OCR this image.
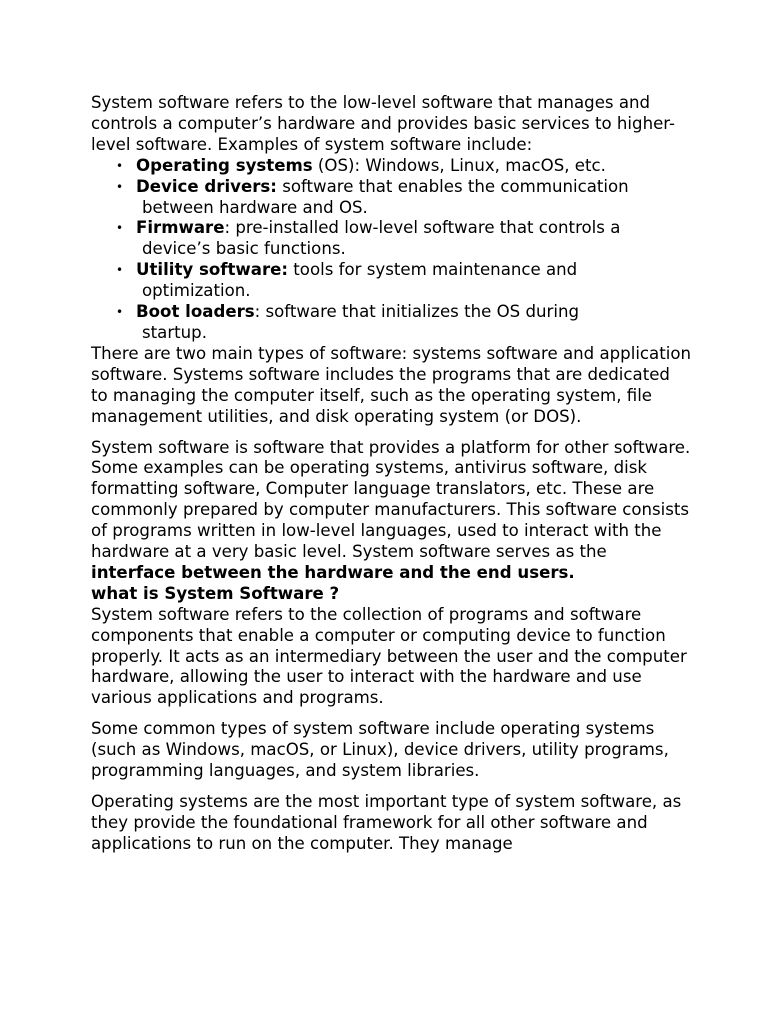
System software refers to the low-level software that manages and controls a computer’s hardware and provides basic services to higher-level software. Examples of system software include:

• Operating systems (OS): Windows, Linux, macOS, etc.
• Device drivers: software that enables the communication
between hardware and OS.
• Firmware: pre-installed low-level software that controls a
device’s basic functions.
• Utility software: tools for system maintenance and
optimization.
• Boot loaders: software that initializes the OS during
startup.

There are two main types of software: systems software and application software. Systems software includes the programs that are dedicated to managing the computer itself, such as the operating system, file management utilities, and disk operating system (or DOS).

System software is software that provides a platform for other software. Some examples can be operating systems, antivirus software, disk formatting software, Computer language translators, etc. These are commonly prepared by computer manufacturers. This software consists of programs written in low-level languages, used to interact with the hardware at a very basic level. System software serves as the interface between the hardware and the end users.

what is System Software ?

System software refers to the collection of programs and software components that enable a computer or computing device to function properly. It acts as an intermediary between the user and the computer hardware, allowing the user to interact with the hardware and use various applications and programs.

Some common types of system software include operating systems (such as Windows, macOS, or Linux), device drivers, utility programs, programming languages, and system libraries.

Operating systems are the most important type of system software, as they provide the foundational framework for all other software and applications to run on the computer. They manage
